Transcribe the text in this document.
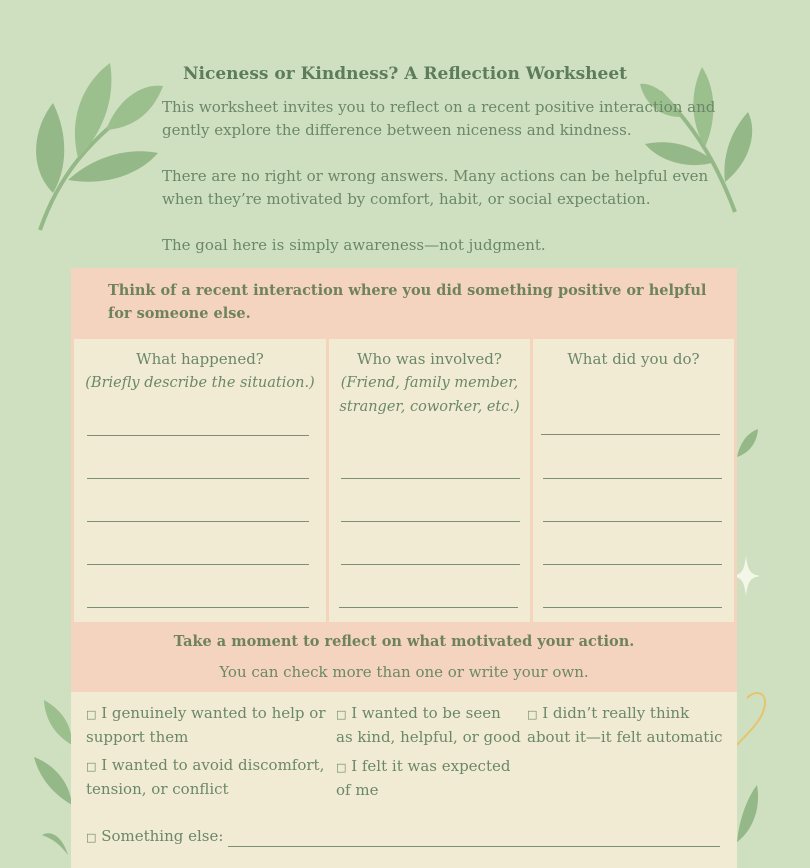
Niceness or Kindness? A Reflection Worksheet

This worksheet invites you to reflect on a recent positive interaction and gently explore the difference between niceness and kindness.

There are no right or wrong answers. Many actions can be helpful even when they’re motivated by comfort, habit, or social expectation.

The goal here is simply awareness—not judgment.

Think of a recent interaction where you did something positive or helpful for someone else.
What happened?
(Briefly describe the situation.)
Who was involved?
(Friend, family member, stranger, coworker, etc.)
What did you do?
Take a moment to reflect on what motivated your action.
You can check more than one or write your own.
□ I genuinely wanted to help or support them
□ I wanted to be seen as kind, helpful, or good
□ I didn’t really think about it—it felt automatic
□ I wanted to avoid discomfort, tension, or conflict
□ I felt it was expected of me
□ Something else:
